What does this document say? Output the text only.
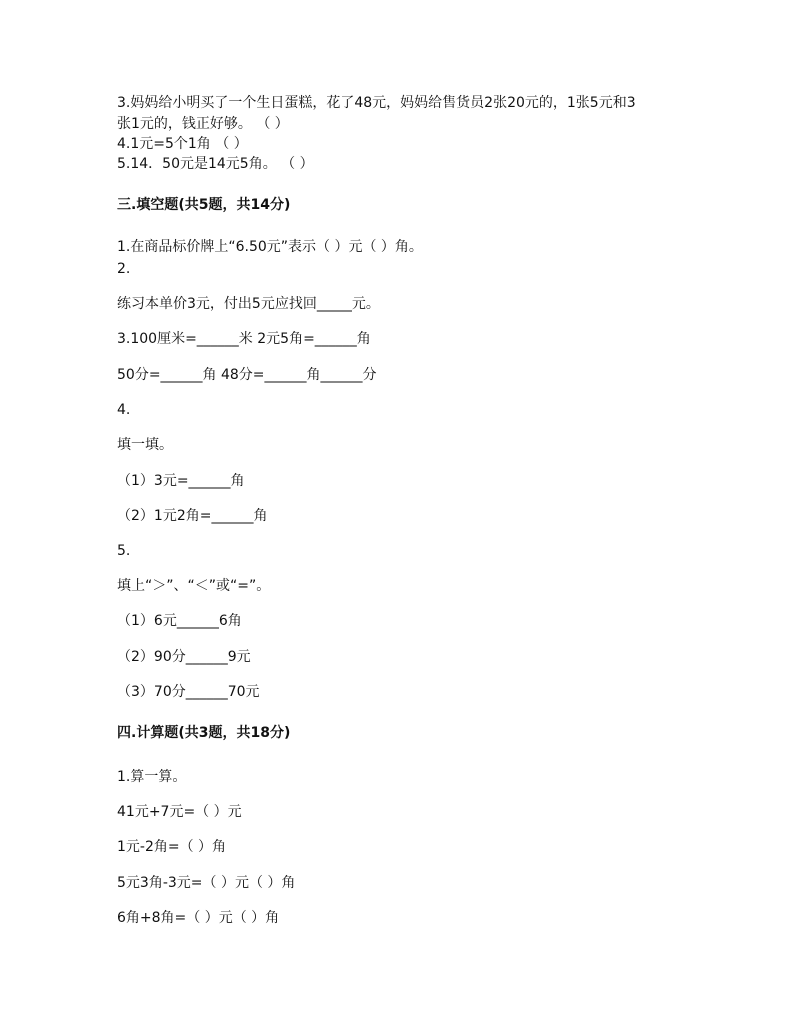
3.妈妈给小明买了一个生日蛋糕，花了48元，妈妈给售货员2张20元的，1张5元和3
张1元的，钱正好够。 （ ）
4.1元=5个1角 （ ）
5.14．50元是14元5角。 （ ）
三.填空题(共5题，共14分)
1.在商品标价牌上“6.50元”表示（ ）元（ ）角。
2.
练习本单价3元，付出5元应找回_____元。
3.100厘米=______米 2元5角=______角
50分=______角 48分=______角______分
4.
填一填。
（1）3元=______角
（2）1元2角=______角
5.
填上“＞”、“＜”或“=”。
（1）6元______6角
（2）90分______9元
（3）70分______70元
四.计算题(共3题，共18分)
1.算一算。
41元+7元=（ ）元
1元-2角=（ ）角
5元3角-3元=（ ）元（ ）角
6角+8角=（ ）元（ ）角
